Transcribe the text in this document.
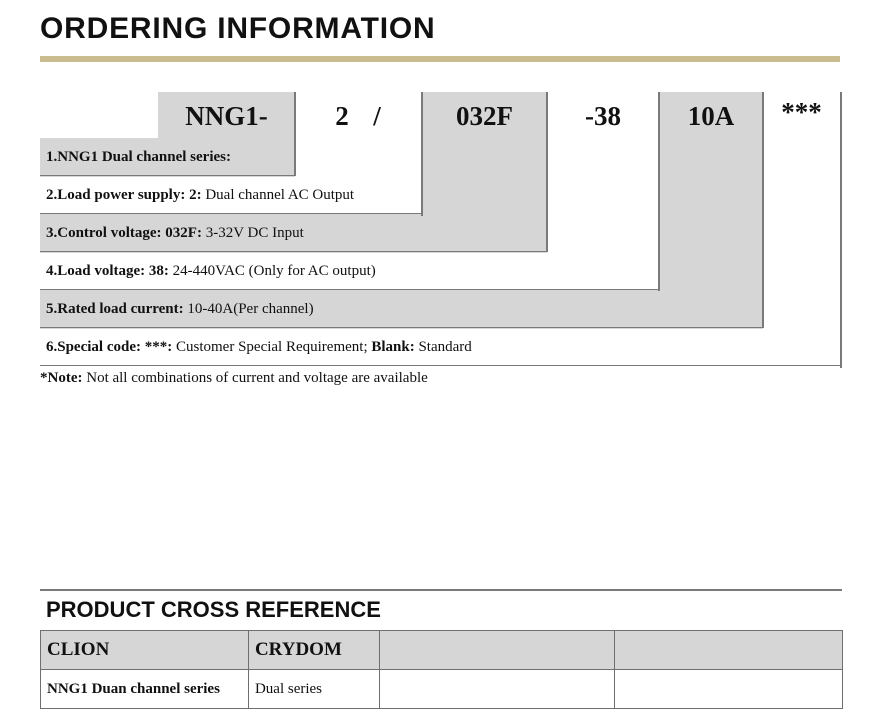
ORDERING INFORMATION
NNG1-	2 /	032F	-38	10A	***
1.NNG1 Dual channel series:
2.Load power supply: 2: Dual channel AC Output
3.Control voltage: 032F: 3-32V DC Input
4.Load voltage: 38: 24-440VAC (Only for AC output)
5.Rated load current: 10-40A(Per channel)
6.Special code: ***: Customer Special Requirement; Blank: Standard
*Note: Not all combinations of current and voltage are available
PRODUCT CROSS REFERENCE
CLION	CRYDOM		
NNG1 Duan channel series	Dual series		
